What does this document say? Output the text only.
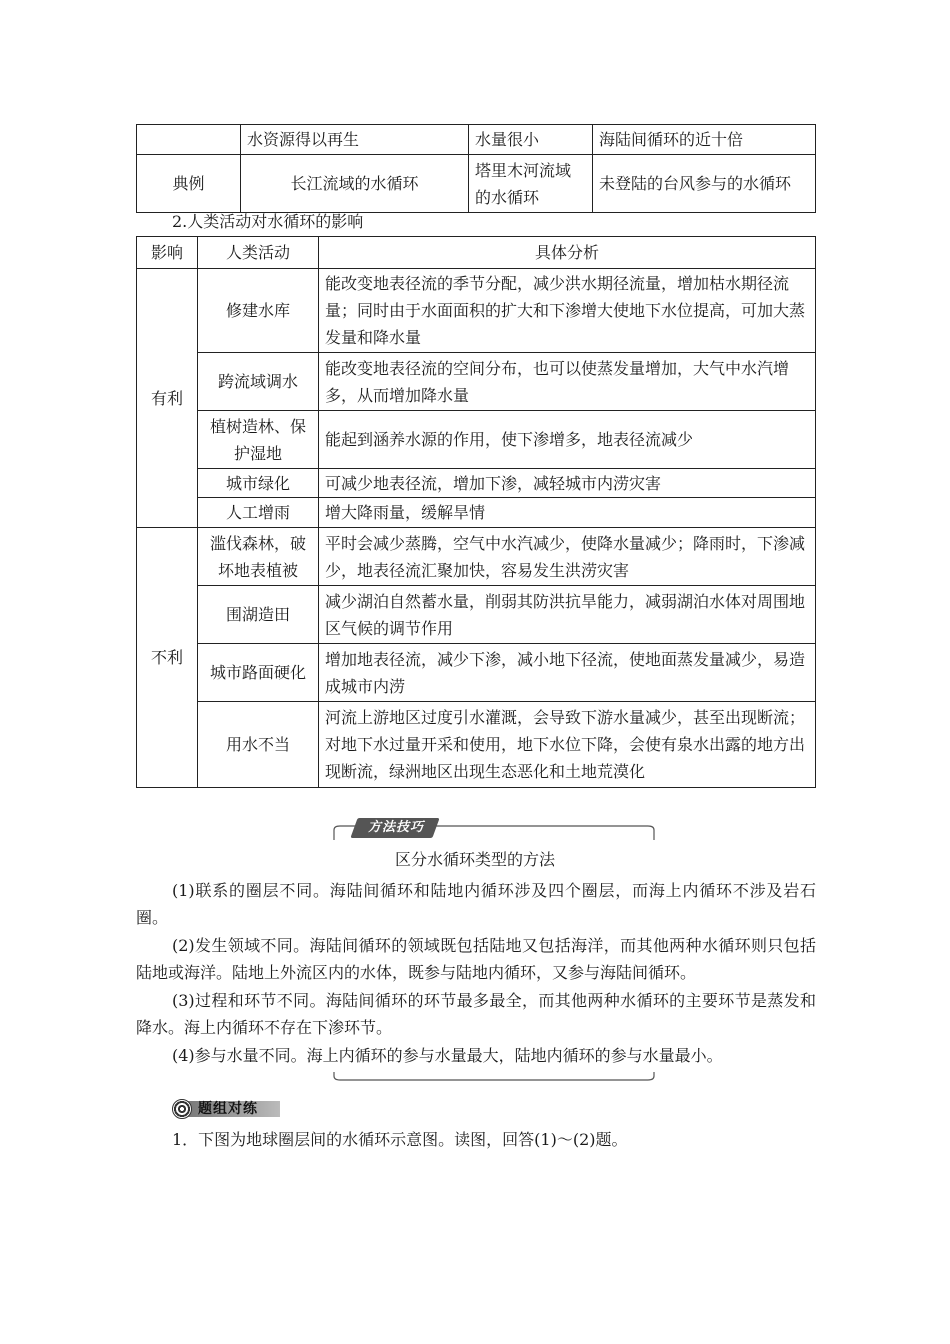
	水资源得以再生	水量很小	海陆间循环的近十倍
典例	长江流域的水循环	塔里木河流域的水循环	未登陆的台风参与的水循环
2.人类活动对水循环的影响
影响	人类活动	具体分析
有利	修建水库	能改变地表径流的季节分配，减少洪水期径流量，增加枯水期径流量；同时由于水面面积的扩大和下渗增大使地下水位提高，可加大蒸发量和降水量
	跨流域调水	能改变地表径流的空间分布，也可以使蒸发量增加，大气中水汽增多，从而增加降水量
	植树造林、保护湿地	能起到涵养水源的作用，使下渗增多，地表径流减少
	城市绿化	可减少地表径流，增加下渗，减轻城市内涝灾害
	人工增雨	增大降雨量，缓解旱情
不利	滥伐森林，破坏地表植被	平时会减少蒸腾，空气中水汽减少，使降水量减少；降雨时，下渗减少，地表径流汇聚加快，容易发生洪涝灾害
	围湖造田	减少湖泊自然蓄水量，削弱其防洪抗旱能力，减弱湖泊水体对周围地区气候的调节作用
	城市路面硬化	增加地表径流，减少下渗，减小地下径流，使地面蒸发量减少，易造成城市内涝
	用水不当	河流上游地区过度引水灌溉，会导致下游水量减少，甚至出现断流；对地下水过量开采和使用，地下水位下降，会使有泉水出露的地方出现断流，绿洲地区出现生态恶化和土地荒漠化
方法技巧
区分水循环类型的方法
(1)联系的圈层不同。海陆间循环和陆地内循环涉及四个圈层，而海上内循环不涉及岩石圈。
(2)发生领域不同。海陆间循环的领域既包括陆地又包括海洋，而其他两种水循环则只包括陆地或海洋。陆地上外流区内的水体，既参与陆地内循环，又参与海陆间循环。
(3)过程和环节不同。海陆间循环的环节最多最全，而其他两种水循环的主要环节是蒸发和降水。海上内循环不存在下渗环节。
(4)参与水量不同。海上内循环的参与水量最大，陆地内循环的参与水量最小。
题组对练
1．下图为地球圈层间的水循环示意图。读图，回答(1)～(2)题。
